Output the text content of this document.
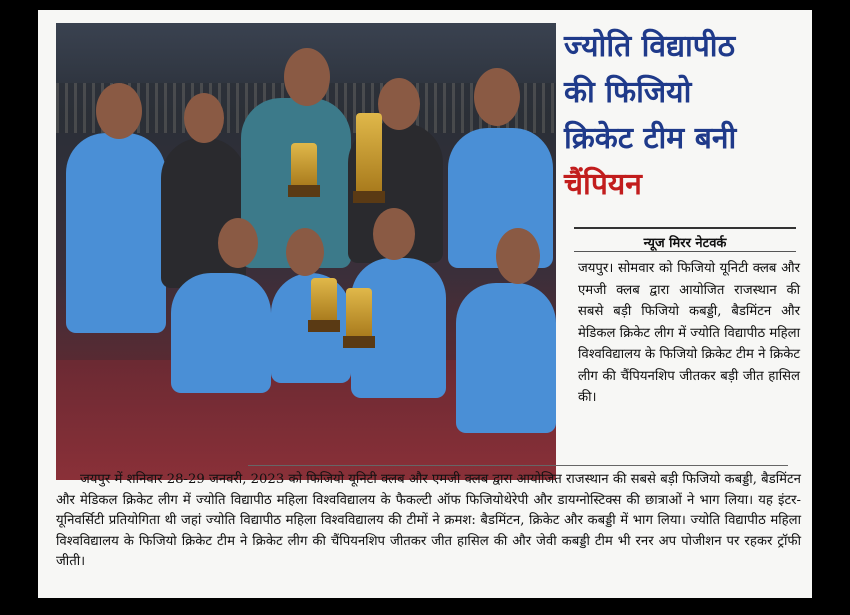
ज्योति विद्यापीठ
की फिजियो
क्रिकेट टीम बनी
चैंपियन
न्यूज मिरर नेटवर्क
जयपुर। सोमवार को फिजियो यूनिटी क्लब और एमजी क्लब द्वारा आयोजित राजस्थान की सबसे बड़ी फिजियो कबड्डी, बैडमिंटन और मेडिकल क्रिकेट लीग में ज्योति विद्यापीठ महिला विश्वविद्यालय के फिजियो क्रिकेट टीम ने क्रिकेट लीग की चैंपियनशिप जीतकर बड़ी जीत हासिल की।
जयपुर में शनिवार 28-29 जनवरी, 2023 को फिजियो यूनिटी क्लब और एमजी क्लब द्वारा आयोजित राजस्थान की सबसे बड़ी फिजियो कबड्डी, बैडमिंटन और मेडिकल क्रिकेट लीग में ज्योति विद्यापीठ महिला विश्वविद्यालय के फैकल्टी ऑफ फिजियोथेरेपी और डायग्नोस्टिक्स की छात्राओं ने भाग लिया। यह इंटर-यूनिवर्सिटी प्रतियोगिता थी जहां ज्योति विद्यापीठ महिला विश्वविद्यालय की टीमों ने क्रमश: बैडमिंटन, क्रिकेट और कबड्डी में भाग लिया। ज्योति विद्यापीठ महिला विश्वविद्यालय के फिजियो क्रिकेट टीम ने क्रिकेट लीग की चैंपियनशिप जीतकर जीत हासिल की और जेवी कबड्डी टीम भी रनर अप पोजीशन पर रहकर ट्रॉफी जीती।
